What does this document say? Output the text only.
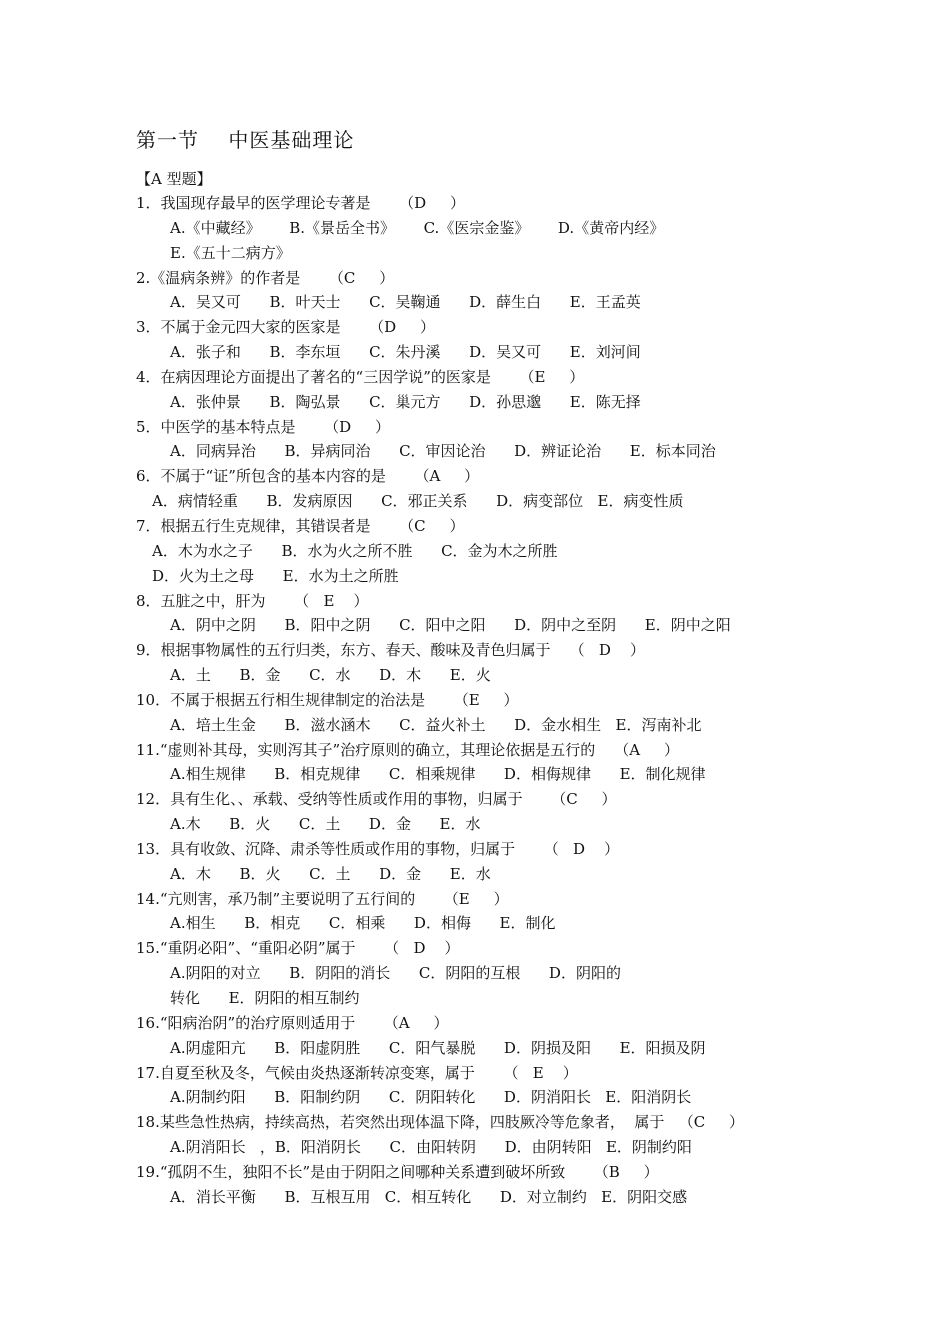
第一节    中医基础理论
【A 型题】
1．我国现存最早的医学理论专著是      （D     ）
A.《中藏经》      B.《景岳全书》      C.《医宗金鉴》      D.《黄帝内经》
E.《五十二病方》
2.《温病条辨》的作者是      （C     ）
A．吴又可      B．叶天士      C．吴鞠通      D．薛生白      E．王孟英
3．不属于金元四大家的医家是      （D     ）
A．张子和      B．李东垣      C．朱丹溪      D．吴又可      E．刘河间
4．在病因理论方面提出了著名的“三因学说”的医家是      （E     ）
A．张仲景      B．陶弘景      C．巢元方      D．孙思邈      E．陈无择
5．中医学的基本特点是      （D     ）
A．同病异治      B．异病同治      C．审因论治      D．辨证论治      E．标本同治
6．不属于“证”所包含的基本内容的是      （A     ）
A．病情轻重      B．发病原因      C．邪正关系      D．病变部位   E．病变性质
7．根据五行生克规律，其错误者是      （C     ）
A．木为水之子      B．水为火之所不胜      C．金为木之所胜
D．火为土之母      E．水为土之所胜
8．五脏之中，肝为      （   E    ）
A．阴中之阴      B．阳中之阴      C．阳中之阳      D．阴中之至阴      E．阴中之阳
9．根据事物属性的五行归类，东方、春天、酸味及青色归属于    （   D    ）
A．土      B．金      C．水      D．木      E．火
10．不属于根据五行相生规律制定的治法是      （E     ）
A．培土生金      B．滋水涵木      C．益火补土      D．金水相生   E．泻南补北
11.“虚则补其母，实则泻其子”治疗原则的确立，其理论依据是五行的    （A     ）
A.相生规律      B．相克规律      C．相乘规律      D．相侮规律      E．制化规律
12．具有生化、、承载、受纳等性质或作用的事物，归属于      （C     ）
A.木      B．火      C．土      D．金      E．水
13．具有收敛、沉降、肃杀等性质或作用的事物，归属于      （   D    ）
A．木      B．火      C．土      D．金      E．水
14.“亢则害，承乃制”主要说明了五行间的      （E     ）
A.相生      B．相克      C．相乘      D．相侮      E．制化
15.“重阴必阳”、“重阳必阴”属于      （   D    ）
A.阴阳的对立      B．阴阳的消长      C．阴阳的互根      D．阴阳的
转化      E．阴阳的相互制约
16.“阳病治阴”的治疗原则适用于      （A     ）
A.阴虚阳亢      B．阳虚阴胜      C．阳气暴脱      D．阴损及阳      E．阳损及阴
17.自夏至秋及冬，气候由炎热逐渐转凉变寒，属于      （   E    ）
A.阴制约阳      B．阳制约阴      C．阴阳转化      D．阴消阳长   E．阳消阴长
18.某些急性热病，持续高热，若突然出现体温下降，四肢厥冷等危象者，  属于   （C     ）
A.阴消阳长   ，B．阳消阴长      C．由阳转阴      D．由阴转阳   E．阴制约阳
19.“孤阴不生，独阳不长”是由于阴阳之间哪种关系遭到破坏所致      （B     ）
A．消长平衡      B．互根互用   C．相互转化      D．对立制约   E．阴阳交感
